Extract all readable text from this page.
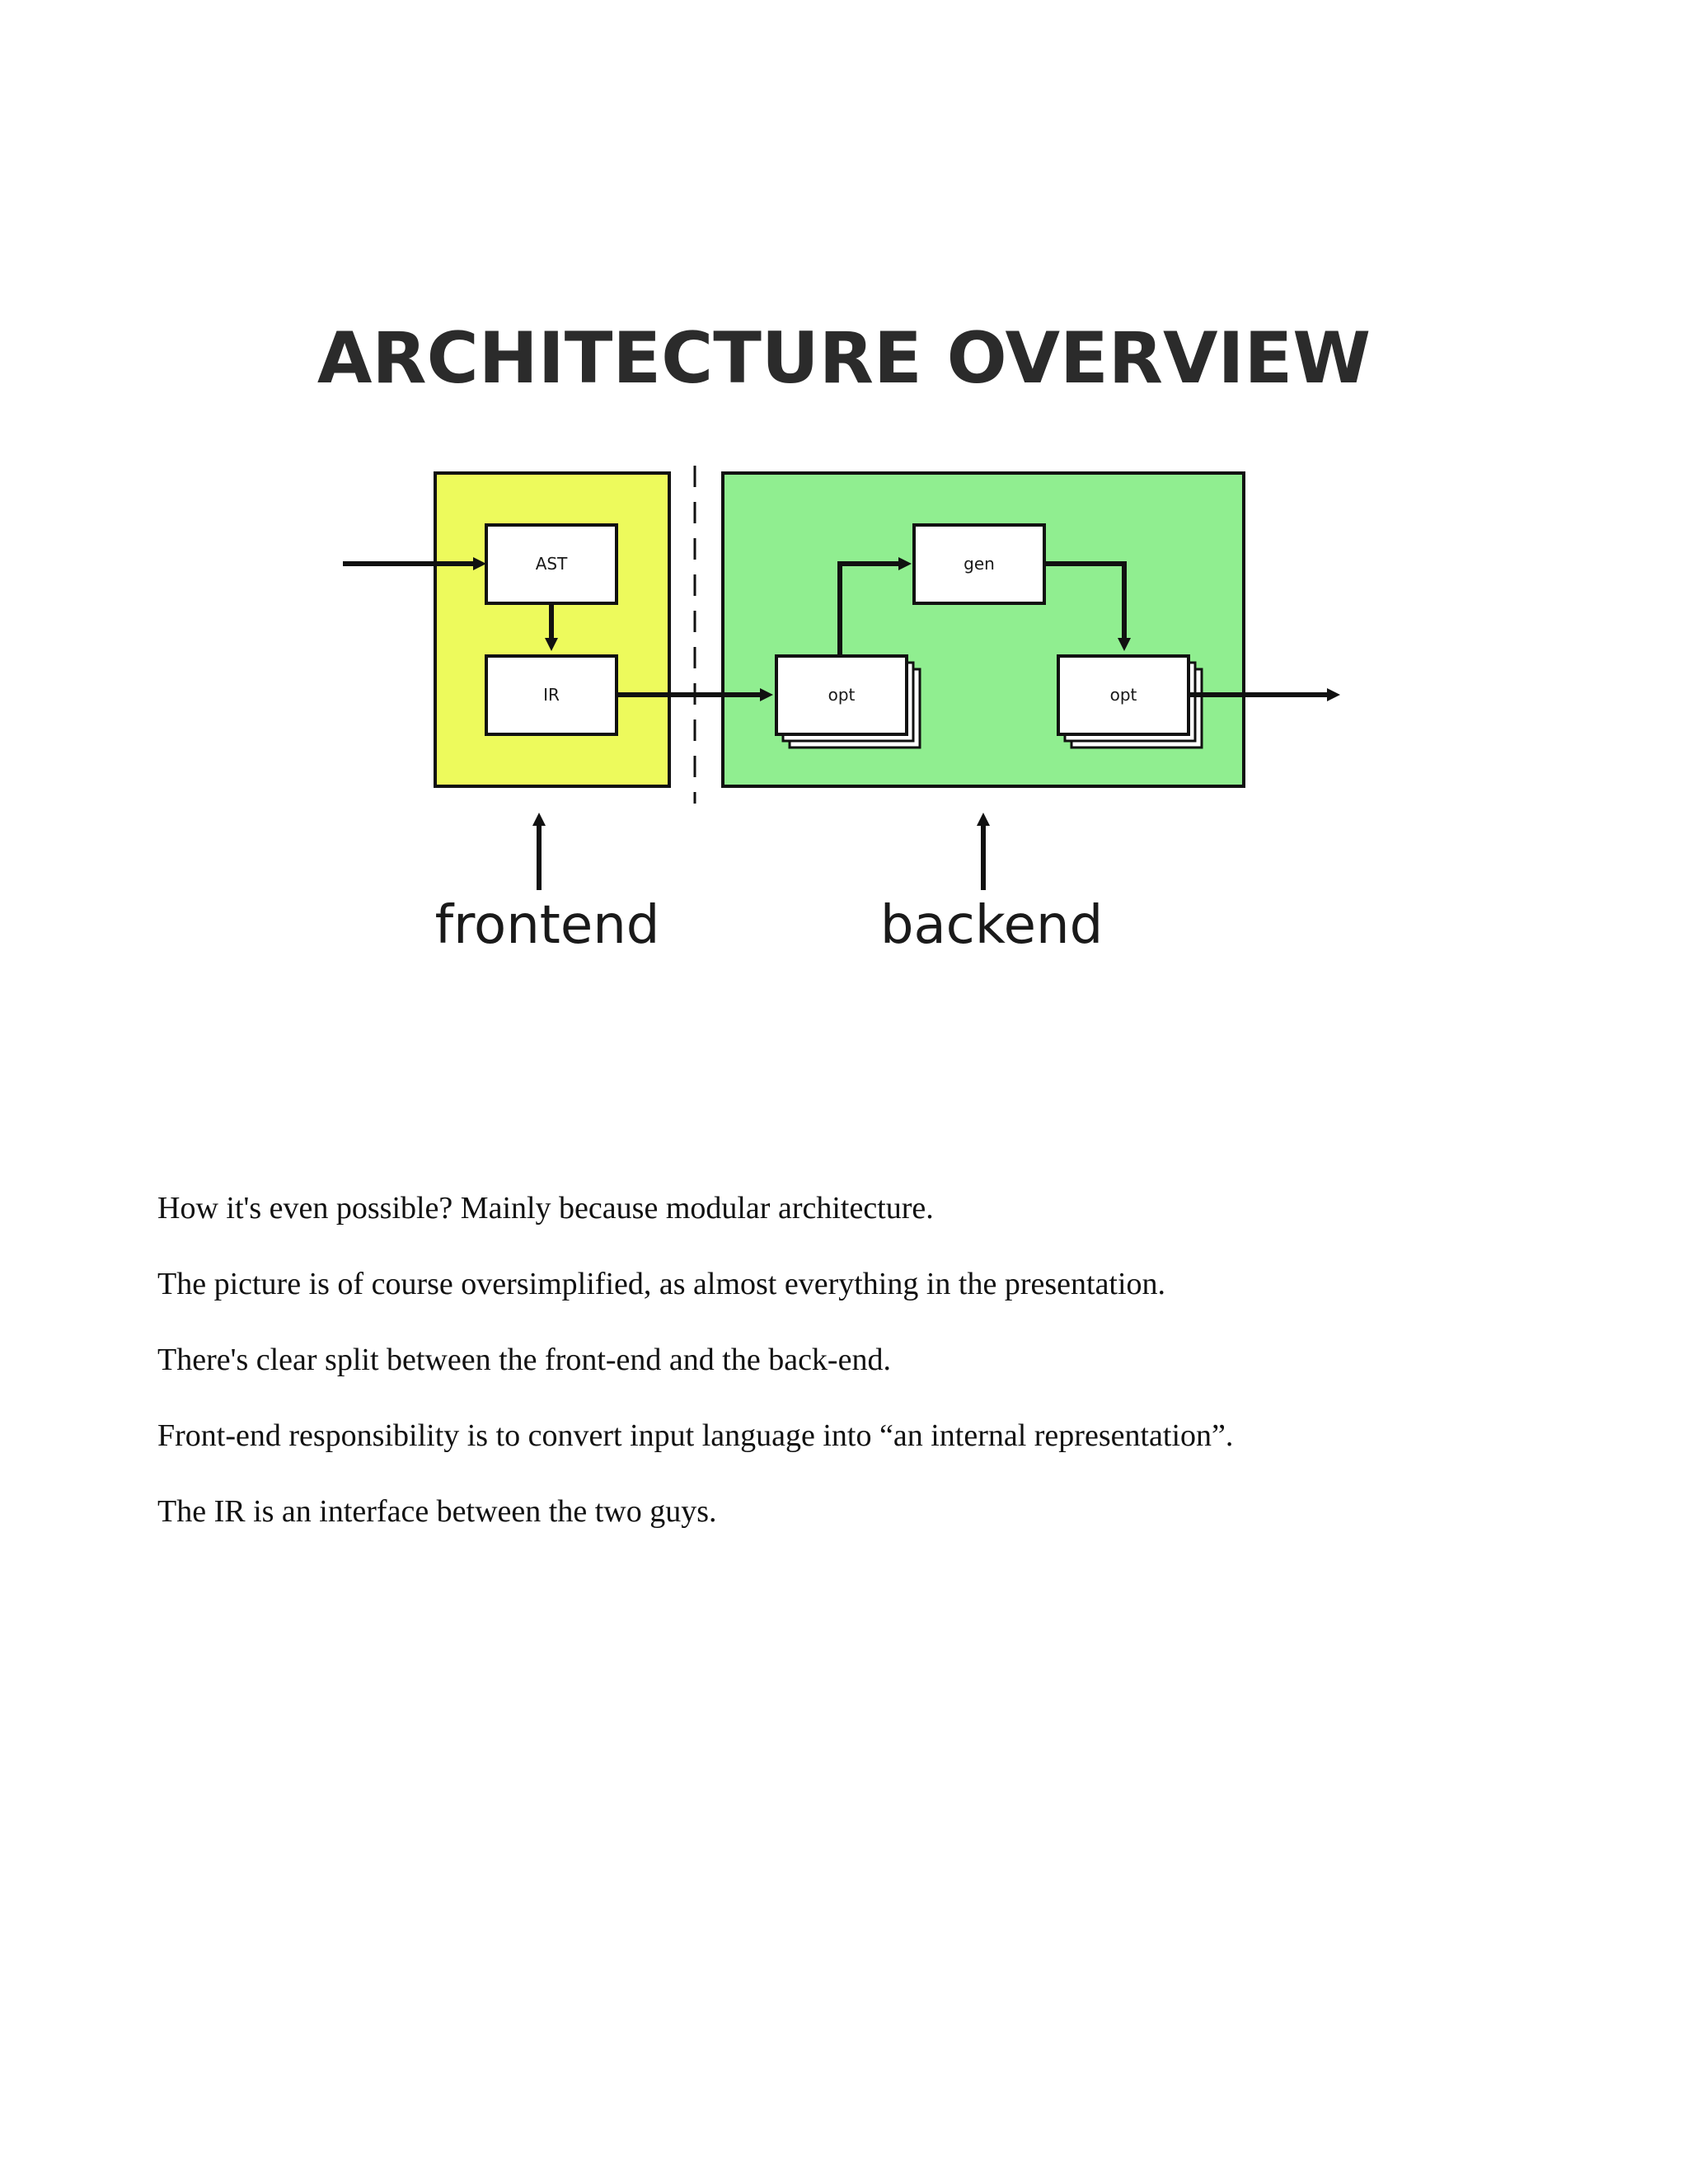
ARCHITECTURE OVERVIEW
AST
IR	opt
gen
opt
frontend	backend

How it's even possible? Mainly because modular architecture.

The picture is of course oversimplified, as almost everything in the presentation.

There's clear split between the front-end and the back-end.

Front-end responsibility is to convert input language into “an internal representation”.

The IR is an interface between the two guys.
